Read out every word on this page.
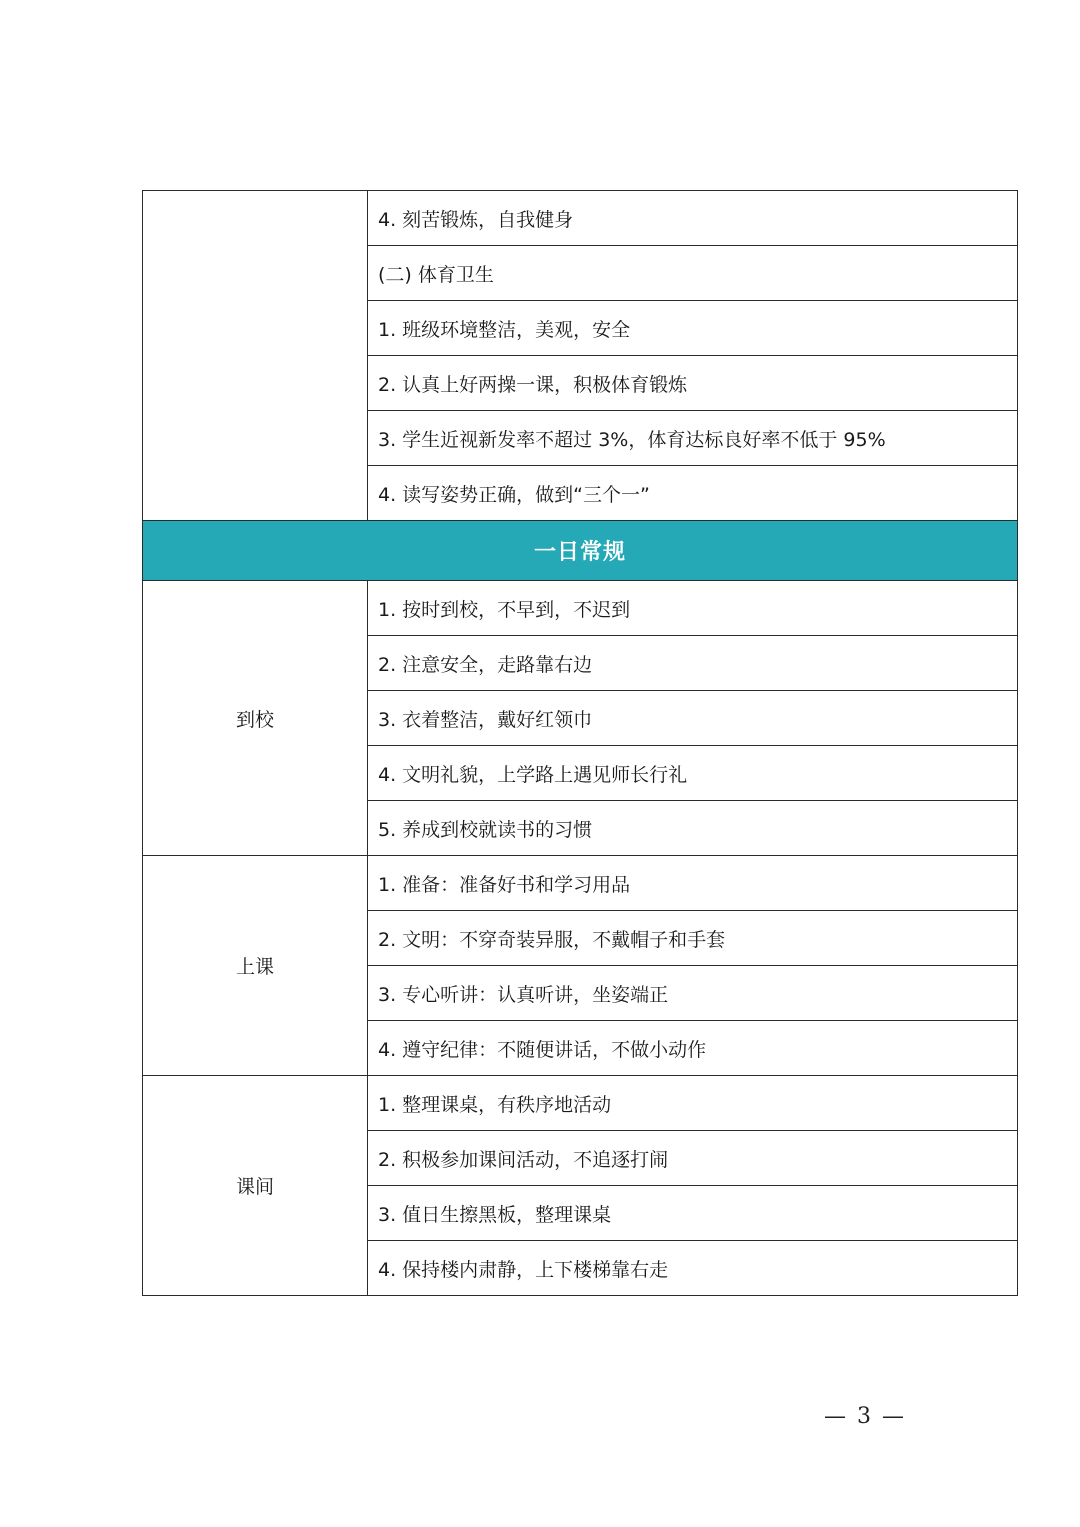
	4. 刻苦锻炼，自我健身
	(二) 体育卫生
	1. 班级环境整洁，美观，安全
	2. 认真上好两操一课，积极体育锻炼
	3. 学生近视新发率不超过 3%，体育达标良好率不低于 95%
	4. 读写姿势正确，做到“三个一”
一日常规	
到校	1. 按时到校，不早到，不迟到
	2. 注意安全，走路靠右边
	3. 衣着整洁，戴好红领巾
	4. 文明礼貌，上学路上遇见师长行礼
	5. 养成到校就读书的习惯
上课	1. 准备：准备好书和学习用品
	2. 文明：不穿奇装异服，不戴帽子和手套
	3. 专心听讲：认真听讲，坐姿端正
	4. 遵守纪律：不随便讲话，不做小动作
课间	1. 整理课桌，有秩序地活动
	2. 积极参加课间活动，不追逐打闹
	3. 值日生擦黑板，整理课桌
	4. 保持楼内肃静，上下楼梯靠右走
— 3 —
